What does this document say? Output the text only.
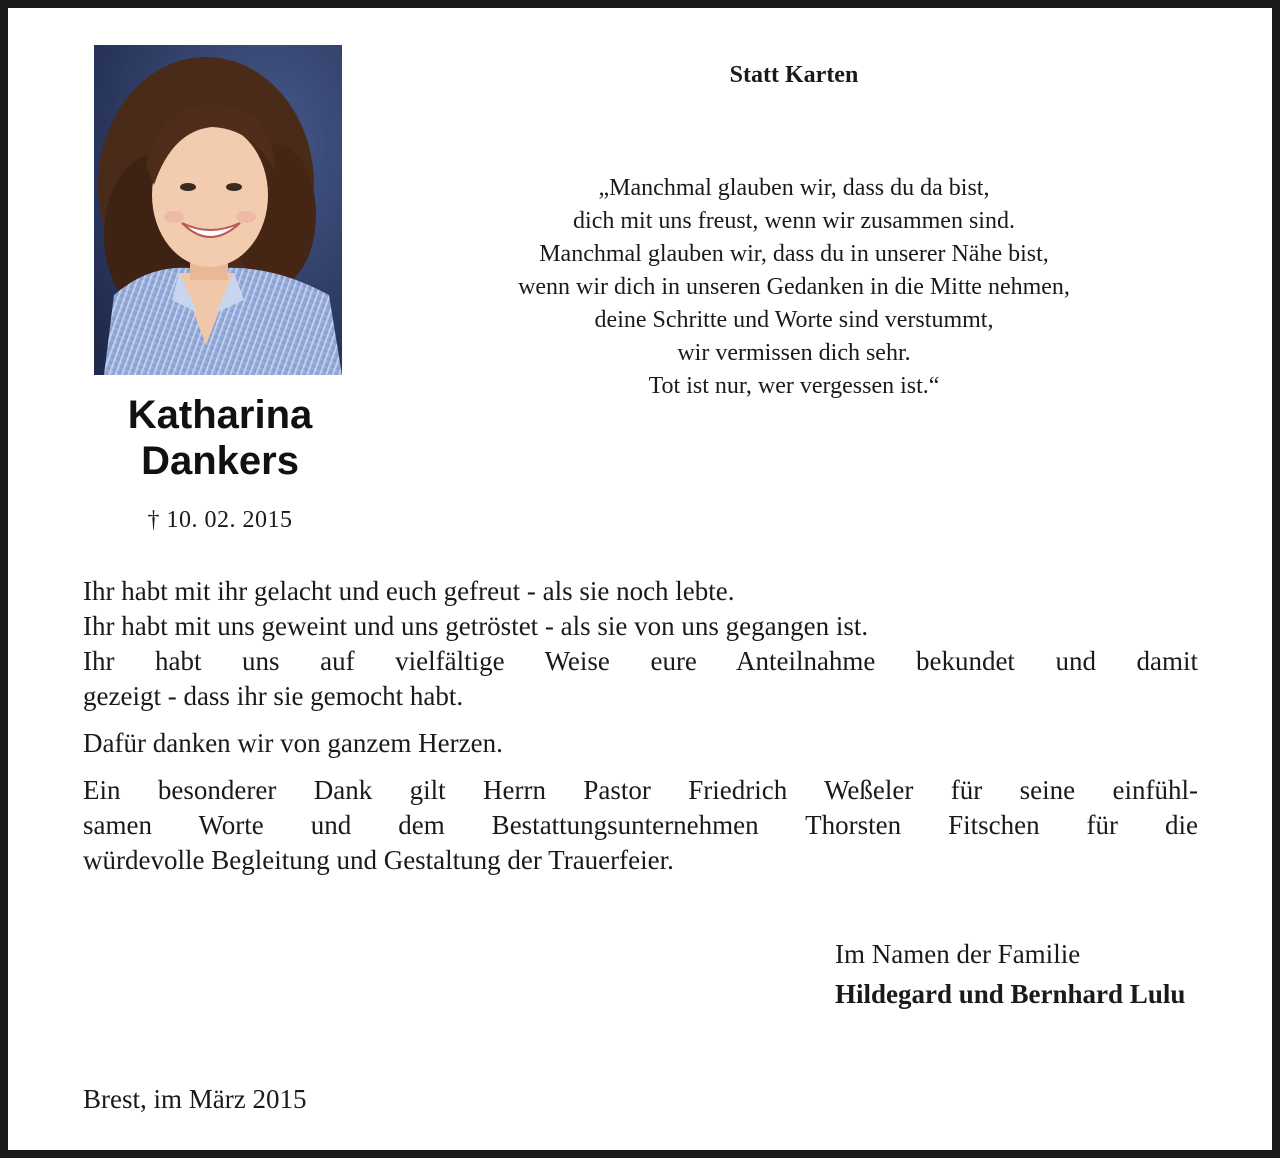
Katharina
Dankers
† 10. 02. 2015
Statt Karten
„Manchmal glauben wir, dass du da bist,
dich mit uns freust, wenn wir zusammen sind.
Manchmal glauben wir, dass du in unserer Nähe bist,
wenn wir dich in unseren Gedanken in die Mitte nehmen,
deine Schritte und Worte sind verstummt,
wir vermissen dich sehr.
Tot ist nur, wer vergessen ist.“

Ihr habt mit ihr gelacht und euch gefreut - als sie noch lebte.
Ihr habt mit uns geweint und uns getröstet - als sie von uns gegangen ist.
Ihr habt uns auf vielfältige Weise eure Anteilnahme bekundet und damit
gezeigt - dass ihr sie gemocht habt.

Dafür danken wir von ganzem Herzen.

Ein besonderer Dank gilt Herrn Pastor Friedrich Weßeler für seine einfühl-
samen Worte und dem Bestattungsunternehmen Thorsten Fitschen für die
würdevolle Begleitung und Gestaltung der Trauerfeier.

Im Namen der Familie
Hildegard und Bernhard Lulu
Brest, im März 2015
